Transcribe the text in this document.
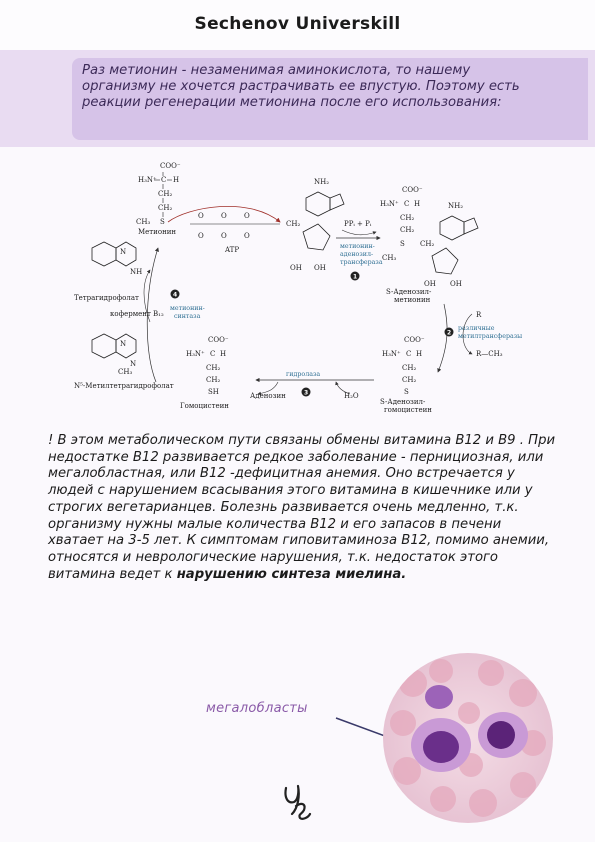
Sechenov Universkill
Раз метионин - незаменимая аминокислота, то нашему организму не хочется растрачивать ее впустую. Поэтому есть реакции регенерации метионина после его использования:
COO⁻
H₃N⁺ C H
CH₂
CH₂
CH₃ S
Метионин
O O O
O O O
ATP
CH₂
OH OH
NH₂
PPᵢ + Pᵢ
метионин-
аденозил-
трансфераза
1
COO⁻
H₃N⁺ C H
CH₂
CH₂
S
CH₃
CH₂
OH OH
NH₂
S-Аденозил-
метионин
2
различные
метилтрансферазы
R
R—CH₃
COO⁻
H₃N⁺ C H
CH₂
CH₂
S
S-Аденозил-
гомоцистеин
гидролаза
3
Аденозин	H₂O
COO⁻
H₃N⁺ C H
CH₂
CH₂
SH
Гомоцистеин
4
метионин-
синтаза
Тетрагидрофолат
кофермент B₁₂
N⁵-Метилтетрагидрофолат
N
NH
N
N
CH₃
! В этом метаболическом пути связаны обмены витамина B12 и B9 . При недостатке B12 развивается редкое заболевание - пернициозная, или мегалобластная, или B12 -дефицитная анемия. Оно встречается у людей с нарушением всасывания этого витамина в кишечнике или у строгих вегетарианцев. Болезнь развивается очень медленно, т.к. организму нужны малые количества B12 и его запасов в печени хватает на 3-5 лет. К симптомам гиповитаминоза B12, помимо анемии, относятся и неврологические нарушения, т.к. недостаток этого витамина ведет к нарушению синтеза миелина.
мегалобласты
